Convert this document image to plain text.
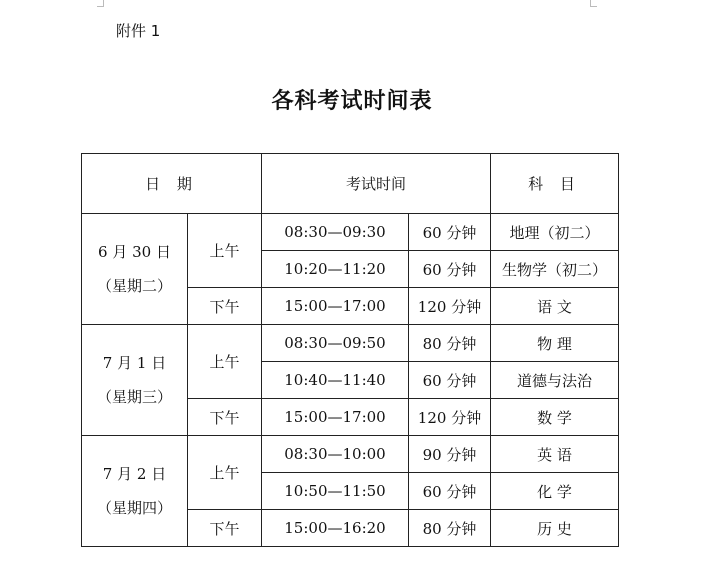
附件 1
各科考试时间表
日 期		考试时间		科 目

6 月 30 日
（星期二）	上午	08:30—09:30	60 分钟	地理（初二）
		10:20—11:20	60 分钟	生物学（初二）
	下午	15:00—17:00	120 分钟	语 文

7 月 1 日
（星期三）	上午	08:30—09:50	80 分钟	物 理
		10:40—11:40	60 分钟	道德与法治
	下午	15:00—17:00	120 分钟	数 学

7 月 2 日
（星期四）	上午	08:30—10:00	90 分钟	英 语
		10:50—11:50	60 分钟	化 学
	下午	15:00—16:20	80 分钟	历 史
